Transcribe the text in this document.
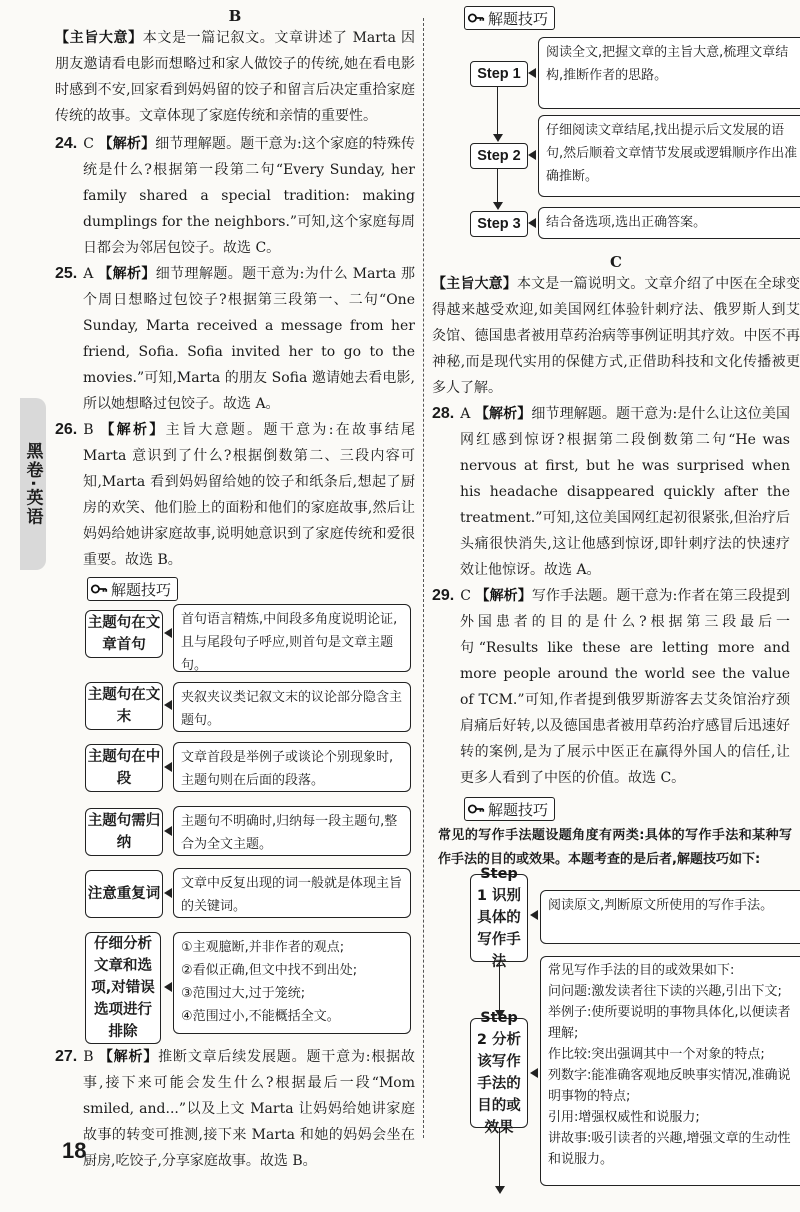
黑卷·英语
18

B

【主旨大意】本文是一篇记叙文。文章讲述了 Marta 因朋友邀请看电影而想略过和家人做饺子的传统,她在看电影时感到不安,回家看到妈妈留的饺子和留言后决定重拾家庭传统的故事。文章体现了家庭传统和亲情的重要性。

24. C 【解析】细节理解题。题干意为:这个家庭的特殊传统是什么?根据第一段第二句“Every Sunday, her family shared a special tradition: making dumplings for the neighbors.”可知,这个家庭每周日都会为邻居包饺子。故选 C。

25. A 【解析】细节理解题。题干意为:为什么 Marta 那个周日想略过包饺子?根据第三段第一、二句“One Sunday, Marta received a message from her friend, Sofia. Sofia invited her to go to the movies.”可知,Marta 的朋友 Sofia 邀请她去看电影,所以她想略过包饺子。故选 A。

26. B 【解析】主旨大意题。题干意为:在故事结尾 Marta 意识到了什么?根据倒数第二、三段内容可知,Marta 看到妈妈留给她的饺子和纸条后,想起了厨房的欢笑、他们脸上的面粉和他们的家庭故事,然后让妈妈给她讲家庭故事,说明她意识到了家庭传统和爱很重要。故选 B。

解题技巧
主题句在文章首句
首句语言精炼,中间段多角度说明论证,且与尾段句子呼应,则首句是文章主题句。
主题句在文末
夹叙夹议类记叙文末的议论部分隐含主题句。
主题句在中段
文章首段是举例子或谈论个别现象时,主题句则在后面的段落。
主题句需归纳
主题句不明确时,归纳每一段主题句,整合为全文主题。
注意重复词
文章中反复出现的词一般就是体现主旨的关键词。
仔细分析文章和选项,对错误选项进行排除
①主观臆断,并非作者的观点;
②看似正确,但文中找不到出处;
③范围过大,过于笼统;
④范围过小,不能概括全文。

27. B 【解析】推断文章后续发展题。题干意为:根据故事,接下来可能会发生什么?根据最后一段“Mom smiled, and...”以及上文 Marta 让妈妈给她讲家庭故事的转变可推测,接下来 Marta 和她的妈妈会坐在厨房,吃饺子,分享家庭故事。故选 B。

解题技巧
Step 1
阅读全文,把握文章的主旨大意,梳理文章结构,推断作者的思路。
Step 2
仔细阅读文章结尾,找出提示后文发展的语句,然后顺着文章情节发展或逻辑顺序作出准确推断。
Step 3	结合备选项,选出正确答案。

C

【主旨大意】本文是一篇说明文。文章介绍了中医在全球变得越来越受欢迎,如美国网红体验针刺疗法、俄罗斯人到艾灸馆、德国患者被用草药治病等事例证明其疗效。中医不再神秘,而是现代实用的保健方式,正借助科技和文化传播被更多人了解。

28. A 【解析】细节理解题。题干意为:是什么让这位美国网红感到惊讶?根据第二段倒数第二句“He was nervous at first, but he was surprised when his headache disappeared quickly after the treatment.”可知,这位美国网红起初很紧张,但治疗后头痛很快消失,这让他感到惊讶,即针刺疗法的快速疗效让他惊讶。故选 A。

29. C 【解析】写作手法题。题干意为:作者在第三段提到外国患者的目的是什么?根据第三段最后一句“Results like these are letting more and more people around the world see the value of TCM.”可知,作者提到俄罗斯游客去艾灸馆治疗颈肩痛后好转,以及德国患者被用草药治疗感冒后迅速好转的案例,是为了展示中医正在赢得外国人的信任,让更多人看到了中医的价值。故选 C。

解题技巧

常见的写作手法题设题角度有两类:具体的写作手法和某种写作手法的目的或效果。本题考查的是后者,解题技巧如下:

Step 1 识别具体的写作手法
阅读原文,判断原文所使用的写作手法。
Step 2 分析该写作手法的目的或效果
常见写作手法的目的或效果如下:
问问题:激发读者往下读的兴趣,引出下文;
举例子:使所要说明的事物具体化,以便读者理解;
作比较:突出强调其中一个对象的特点;
列数字:能准确客观地反映事实情况,准确说明事物的特点;
引用:增强权威性和说服力;
讲故事:吸引读者的兴趣,增强文章的生动性和说服力。
